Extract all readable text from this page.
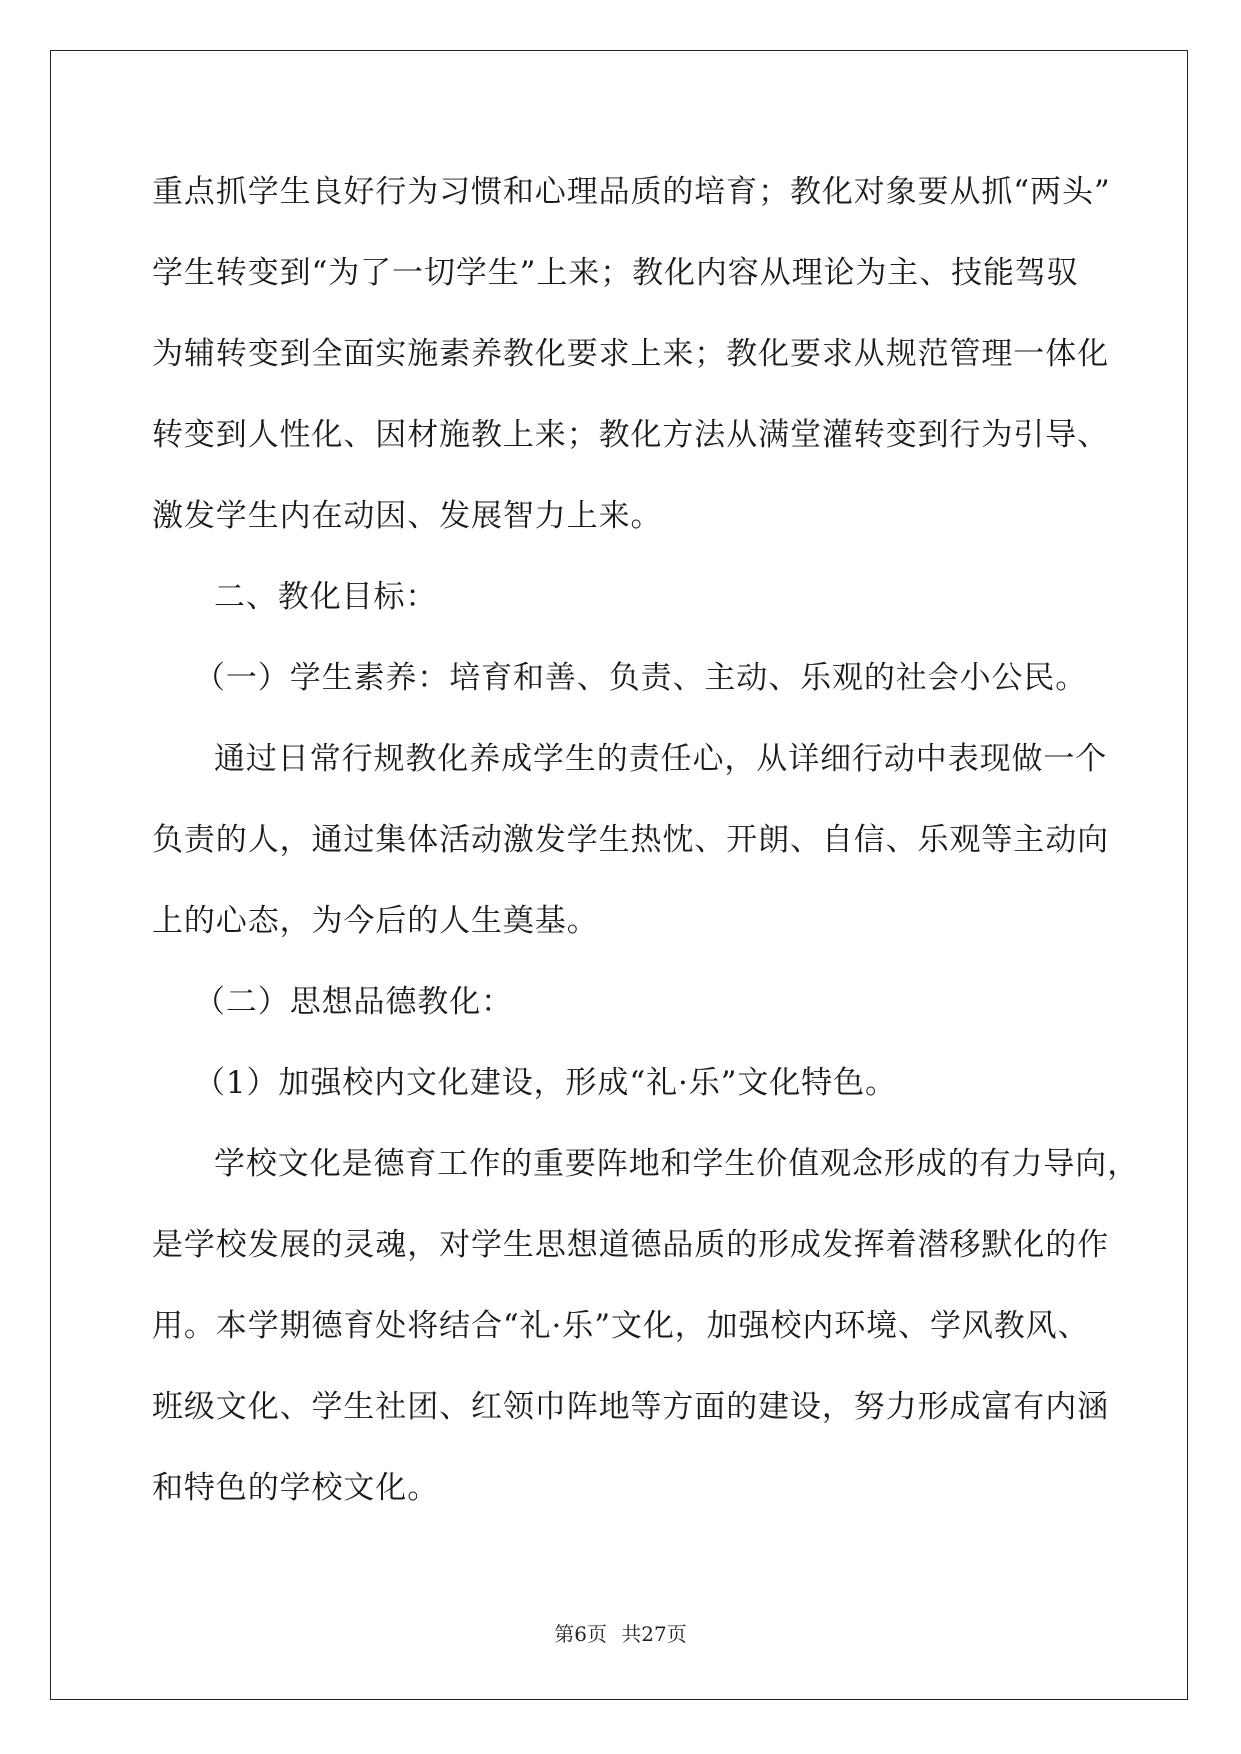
重点抓学生良好行为习惯和心理品质的培育；教化对象要从抓“两头”
学生转变到“为了一切学生”上来；教化内容从理论为主、技能驾驭
为辅转变到全面实施素养教化要求上来；教化要求从规范管理一体化
转变到人性化、因材施教上来；教化方法从满堂灌转变到行为引导、
激发学生内在动因、发展智力上来。
二、教化目标：
（一）学生素养：培育和善、负责、主动、乐观的社会小公民。
通过日常行规教化养成学生的责任心，从详细行动中表现做一个
负责的人，通过集体活动激发学生热忱、开朗、自信、乐观等主动向
上的心态，为今后的人生奠基。
（二）思想品德教化：
（1）加强校内文化建设，形成“礼·乐”文化特色。
学校文化是德育工作的重要阵地和学生价值观念形成的有力导向，
是学校发展的灵魂，对学生思想道德品质的形成发挥着潜移默化的作
用。本学期德育处将结合“礼·乐”文化，加强校内环境、学风教风、
班级文化、学生社团、红领巾阵地等方面的建设，努力形成富有内涵
和特色的学校文化。
第6页 共27页
